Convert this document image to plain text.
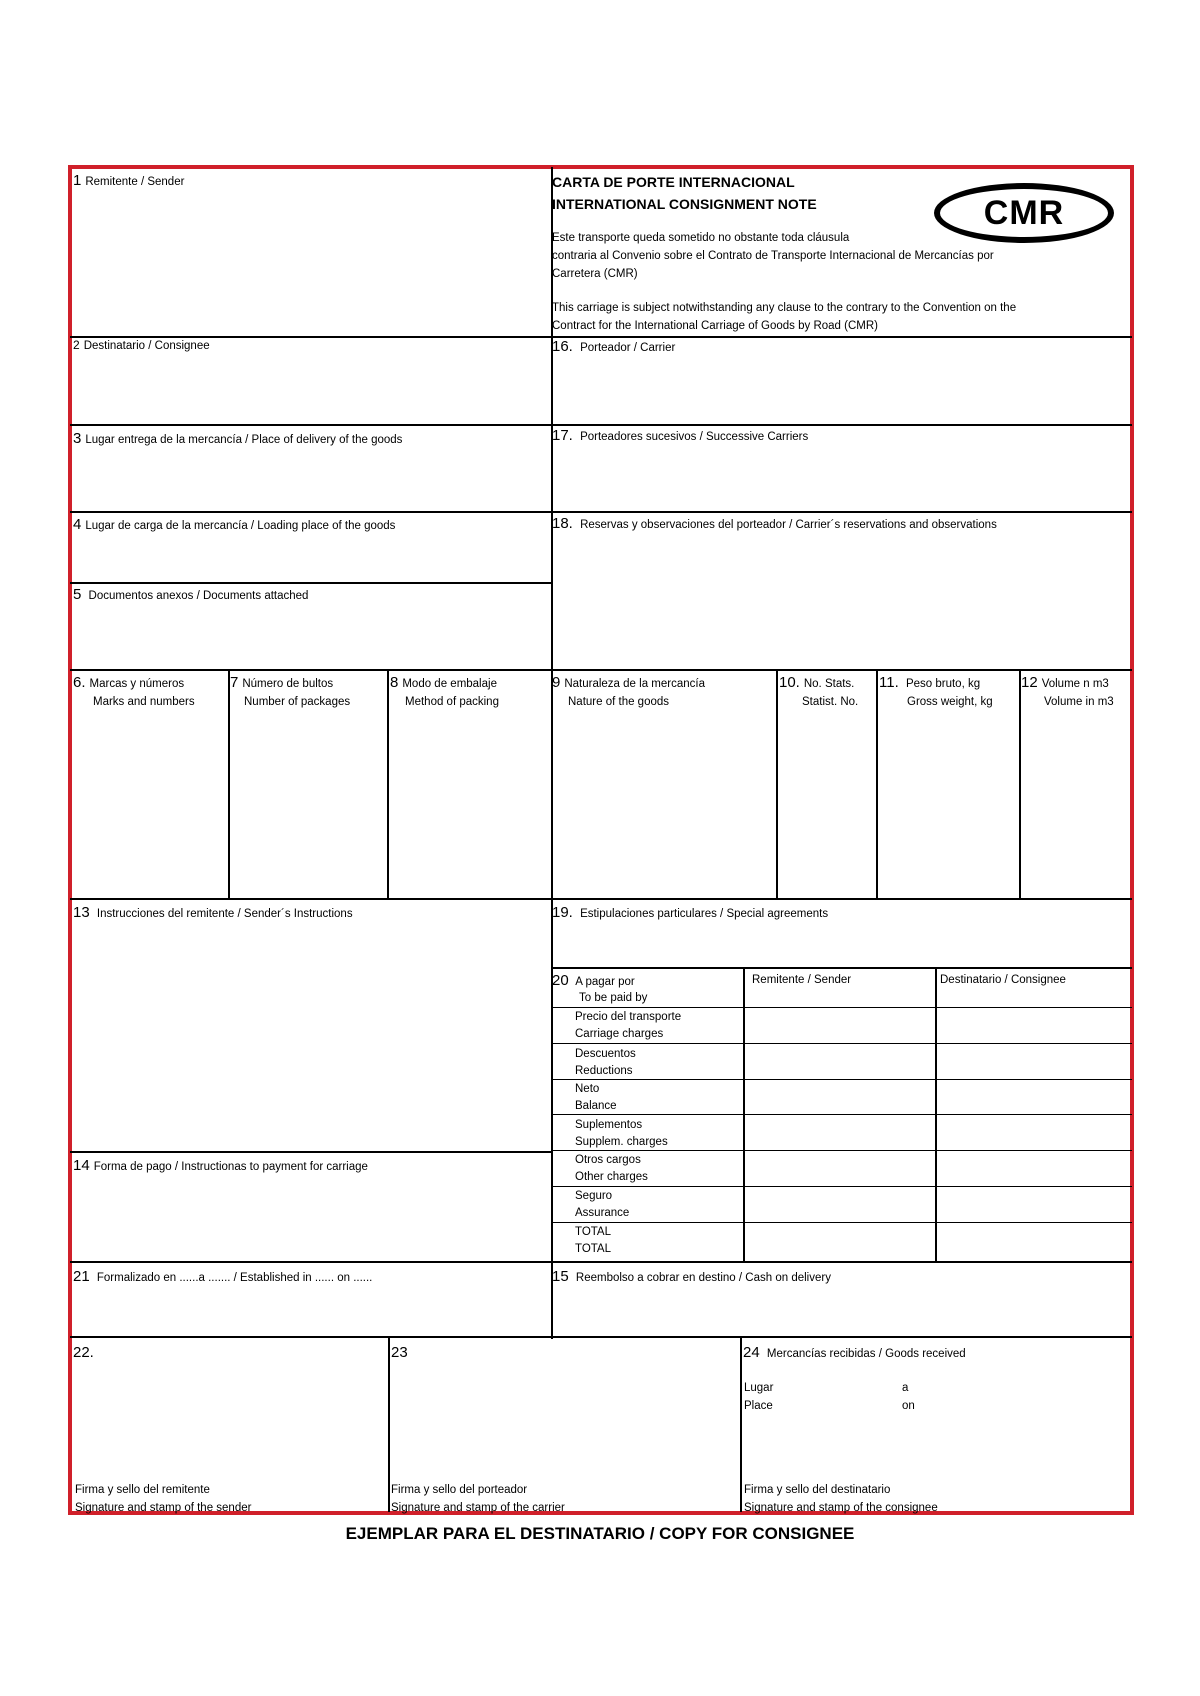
CARTA DE PORTE INTERNACIONAL
INTERNATIONAL CONSIGNMENT NOTE	CMR
Este transporte queda sometido no obstante toda cláusula
contraria al Convenio sobre el Contrato de Transporte Internacional de Mercancías por
Carretera (CMR)
This carriage is subject notwithstanding any clause to the contrary to the Convention on the
Contract for the International Carriage of Goods by Road (CMR)
1 Remitente / Sender
2 Destinatario / Consignee	16. Porteador / Carrier
3 Lugar entrega de la mercancía / Place of delivery of the goods	17. Porteadores sucesivos / Successive Carriers
4 Lugar de carga de la mercancía / Loading place of the goods	18. Reservas y observaciones del porteador / Carrier´s reservations and observations
5 Documentos anexos / Documents attached
6. Marcas y números
Marks and numbers
7 Número de bultos
Number of packages
8 Modo de embalaje
Method of packing
9 Naturaleza de la mercancía
Nature of the goods
10. No. Stats.
Statist. No.
11. Peso bruto, kg
Gross weight, kg
12 Volume n m3
Volume in m3
13 Instrucciones del remitente / Sender´s Instructions	19. Estipulaciones particulares / Special agreements
20 A pagar por
To be paid by
Remitente / Sender	Destinatario / Consignee
Precio del transporte
Carriage charges
Descuentos
Reductions
Neto
Balance
Suplementos
Supplem. charges
Otros cargos
Other charges
Seguro
Assurance
TOTAL
TOTAL
14 Forma de pago / Instructionas to payment for carriage
21 Formalizado en ......a ....... / Established in ...... on ......	15 Reembolso a cobrar en destino / Cash on delivery
22.
Firma y sello del remitente
Signature and stamp of the sender
23
Firma y sello del porteador
Signature and stamp of the carrier
24 Mercancías recibidas / Goods received
Lugar	a
Place	on
Firma y sello del destinatario
Signature and stamp of the consignee
EJEMPLAR PARA EL DESTINATARIO / COPY FOR CONSIGNEE
